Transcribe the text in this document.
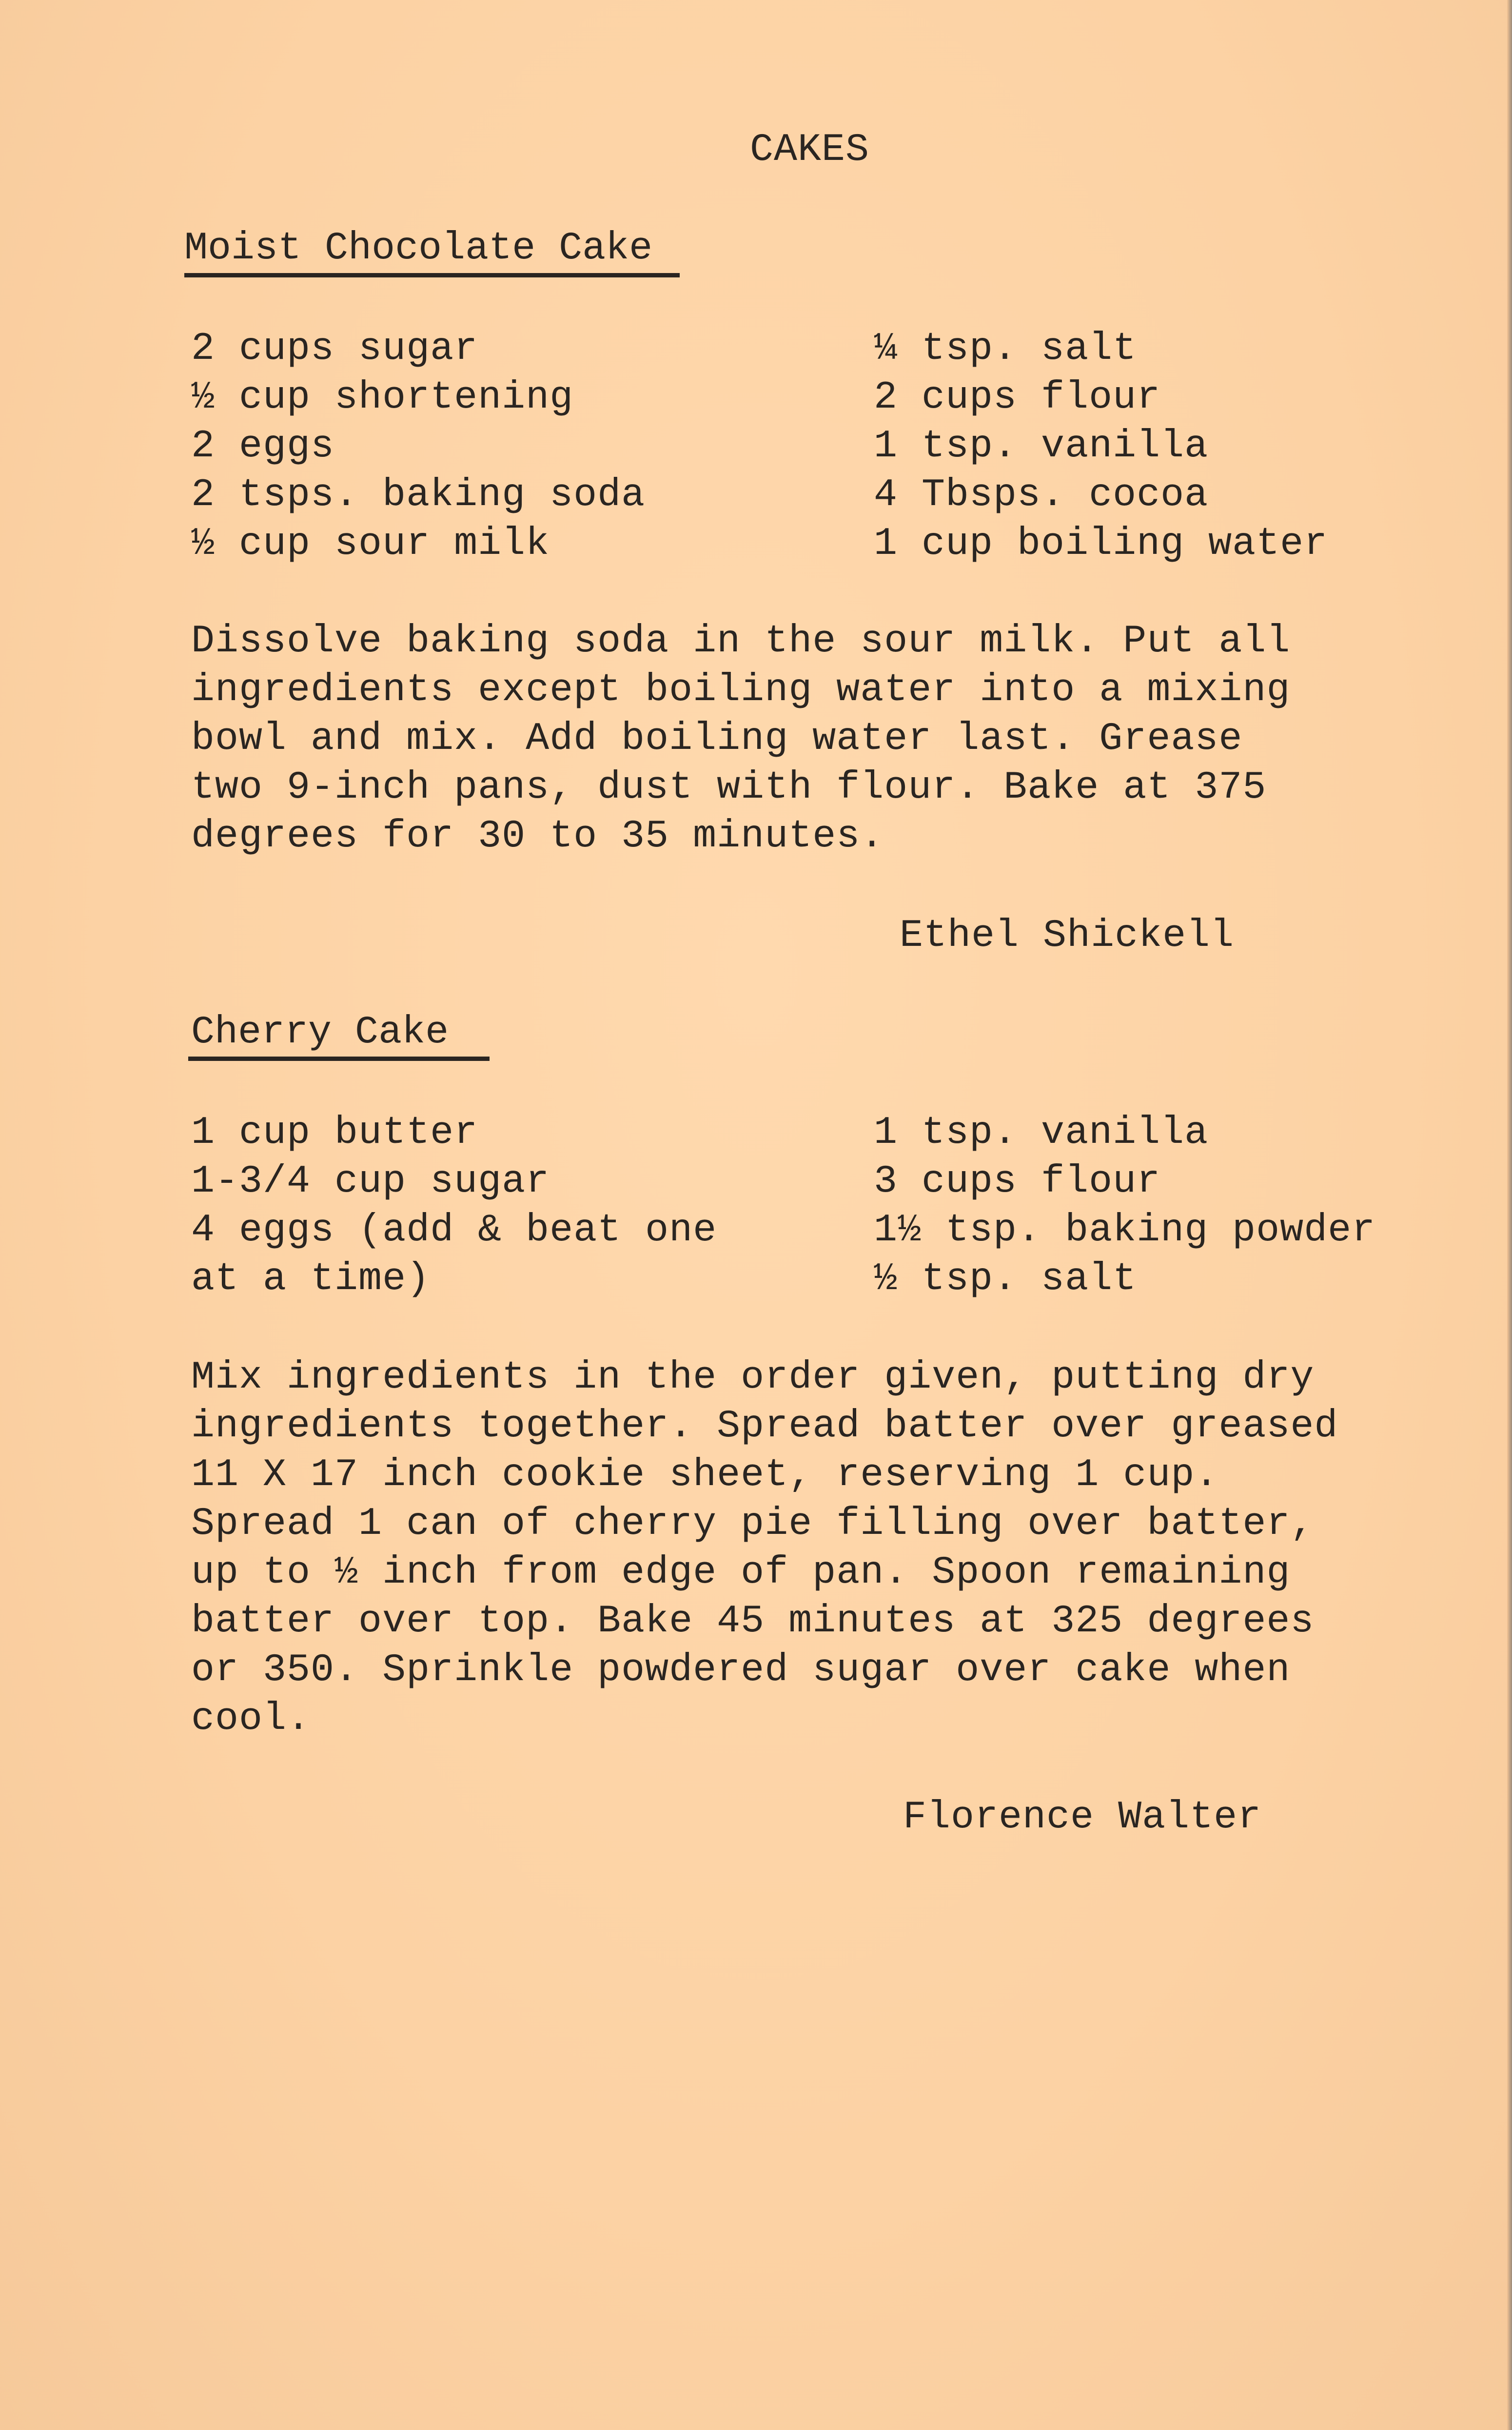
CAKES
Moist Chocolate Cake
2 cups sugar
½ cup shortening
2 eggs
2 tsps. baking soda
½ cup sour milk
¼ tsp. salt
2 cups flour
1 tsp. vanilla
4 Tbsps. cocoa
1 cup boiling water
Dissolve baking soda in the sour milk. Put all
ingredients except boiling water into a mixing
bowl and mix. Add boiling water last. Grease
two 9-inch pans, dust with flour. Bake at 375
degrees for 30 to 35 minutes.
Ethel Shickell
Cherry Cake
1 cup butter
1-3/4 cup sugar
4 eggs (add & beat one
at a time)
1 tsp. vanilla
3 cups flour
1½ tsp. baking powder
½ tsp. salt
Mix ingredients in the order given, putting dry
ingredients together. Spread batter over greased
11 X 17 inch cookie sheet, reserving 1 cup.
Spread 1 can of cherry pie filling over batter,
up to ½ inch from edge of pan. Spoon remaining
batter over top. Bake 45 minutes at 325 degrees
or 350. Sprinkle powdered sugar over cake when
cool.
Florence Walter
